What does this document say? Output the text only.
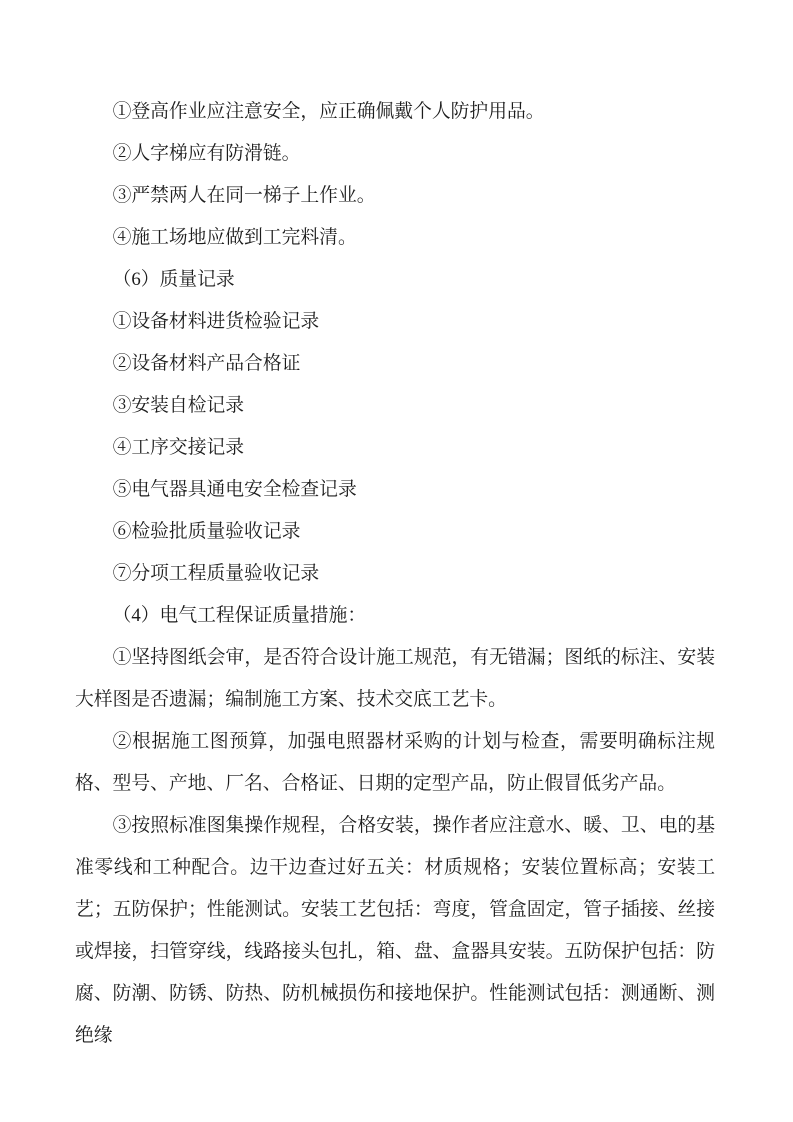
①登高作业应注意安全，应正确佩戴个人防护用品。

②人字梯应有防滑链。

③严禁两人在同一梯子上作业。

④施工场地应做到工完料清。

（6）质量记录

①设备材料进货检验记录

②设备材料产品合格证

③安装自检记录

④工序交接记录

⑤电气器具通电安全检查记录

⑥检验批质量验收记录

⑦分项工程质量验收记录

（4）电气工程保证质量措施：

①坚持图纸会审，是否符合设计施工规范，有无错漏；图纸的标注、安装大样图是否遗漏；编制施工方案、技术交底工艺卡。

②根据施工图预算，加强电照器材采购的计划与检查，需要明确标注规格、型号、产地、厂名、合格证、日期的定型产品，防止假冒低劣产品。

③按照标准图集操作规程，合格安装，操作者应注意水、暖、卫、电的基准零线和工种配合。边干边查过好五关：材质规格；安装位置标高；安装工艺；五防保护；性能测试。安装工艺包括：弯度，管盒固定，管子插接、丝接或焊接，扫管穿线，线路接头包扎，箱、盘、盒器具安装。五防保护包括：防腐、防潮、防锈、防热、防机械损伤和接地保护。性能测试包括：测通断、测绝缘
